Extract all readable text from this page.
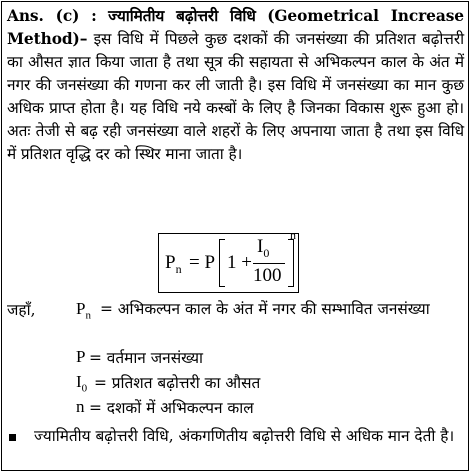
Ans. (c) : ज्यामितीय बढ़ोत्तरी विधि (Geometrical Increase Method)– इस विधि में पिछले कुछ दशकों की जनसंख्या की प्रतिशत बढ़ोत्तरी का औसत ज्ञात किया जाता है तथा सूत्र की सहायता से अभिकल्पन काल के अंत में नगर की जनसंख्या की गणना कर ली जाती है। इस विधि में जनसंख्या का मान कुछ अधिक प्राप्त होता है। यह विधि नये कस्बों के लिए है जिनका विकास शुरू हुआ हो। अतः तेजी से बढ़ रही जनसंख्या वाले शहरों के लिए अपनाया जाता है तथा इस विधि में प्रतिशत वृद्धि दर को स्थिर माना जाता है।
$P_n = P$ 1 +
$I_0$
100
n
जहाँ, $P_n$ = अभिकल्पन काल के अंत में नगर की सम्भावित जनसंख्या
P = वर्तमान जनसंख्या
$I_0$ = प्रतिशत बढ़ोत्तरी का औसत
n = दशकों में अभिकल्पन काल
ज्यामितीय बढ़ोत्तरी विधि, अंकगणितीय बढ़ोत्तरी विधि से अधिक मान देती है।
